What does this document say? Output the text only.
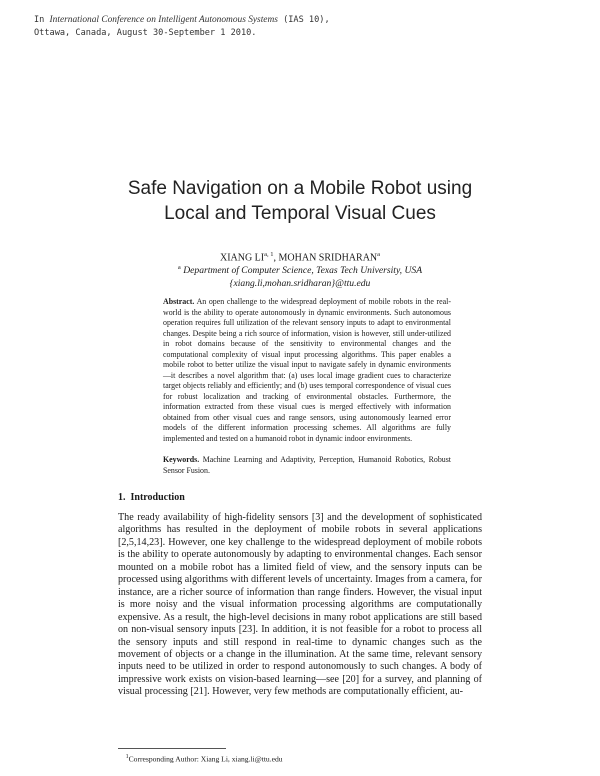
In International Conference on Intelligent Autonomous Systems (IAS 10),
Ottawa, Canada, August 30-September 1 2010.
Safe Navigation on a Mobile Robot using
Local and Temporal Visual Cues
XIANG LI$^{a, 1}$, MOHAN SRIDHARAN$^a$
$^a$ Department of Computer Science, Texas Tech University, USA
{xiang.li,mohan.sridharan}@ttu.edu
Abstract. An open challenge to the widespread deployment of mobile robots in the real-world is the ability to operate autonomously in dynamic environments. Such autonomous operation requires full utilization of the relevant sensory inputs to adapt to environmental changes. Despite being a rich source of information, vision is however, still under-utilized in robot domains because of the sensitivity to environmental changes and the computational complexity of visual input processing algorithms. This paper enables a mobile robot to better utilize the visual input to navigate safely in dynamic environments—it describes a novel algorithm that: (a) uses local image gradient cues to characterize target objects reliably and efficiently; and (b) uses temporal correspondence of visual cues for robust localization and tracking of environmental obstacles. Furthermore, the information extracted from these visual cues is merged effectively with information obtained from other visual cues and range sensors, using autonomously learned error models of the different information processing schemes. All algorithms are fully implemented and tested on a humanoid robot in dynamic indoor environments.
Keywords. Machine Learning and Adaptivity, Perception, Humanoid Robotics, Robust Sensor Fusion.
1. Introduction
The ready availability of high-fidelity sensors [3] and the development of sophisticated algorithms has resulted in the deployment of mobile robots in several applications [2,5,14,23]. However, one key challenge to the widespread deployment of mobile robots is the ability to operate autonomously by adapting to environmental changes. Each sensor mounted on a mobile robot has a limited field of view, and the sensory inputs can be processed using algorithms with different levels of uncertainty. Images from a camera, for instance, are a richer source of information than range finders. However, the visual input is more noisy and the visual information processing algorithms are computationally expensive. As a result, the high-level decisions in many robot applications are still based on non-visual sensory inputs [23]. In addition, it is not feasible for a robot to process all the sensory inputs and still respond in real-time to dynamic changes such as the movement of objects or a change in the illumination. At the same time, relevant sensory inputs need to be utilized in order to respond autonomously to such changes. A body of impressive work exists on vision-based learning—see [20] for a survey, and planning of visual processing [21]. However, very few methods are computationally efficient, au-
$^1$Corresponding Author: Xiang Li, xiang.li@ttu.edu
